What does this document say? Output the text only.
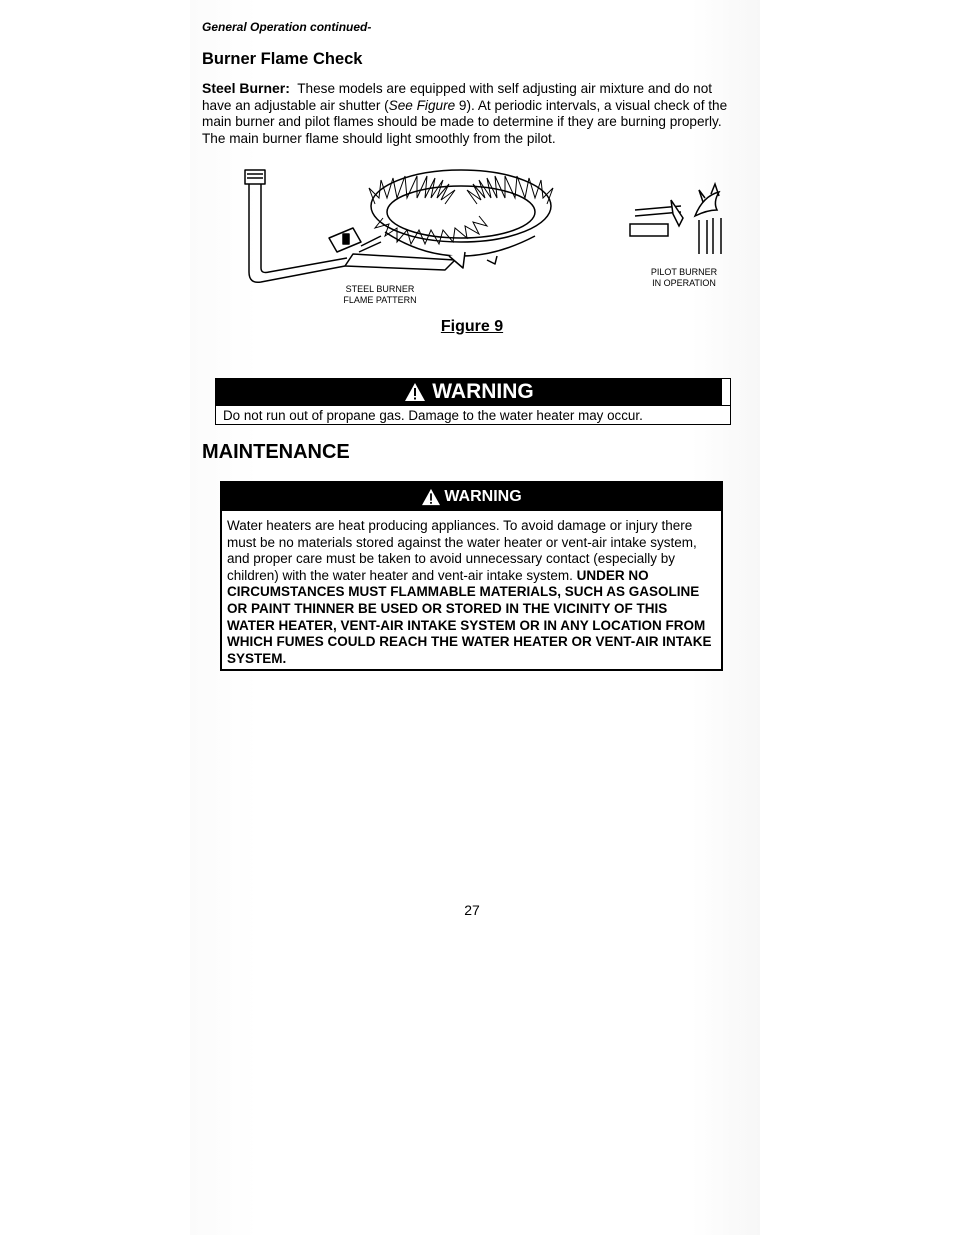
General Operation continued-
Burner Flame Check
Steel Burner: These models are equipped with self adjusting air mixture and do not have an adjustable air shutter (See Figure 9). At periodic intervals, a visual check of the main burner and pilot flames should be made to determine if they are burning properly. The main burner flame should light smoothly from the pilot.
STEEL BURNER
FLAME PATTERN
PILOT BURNER
IN OPERATION
Figure 9
WARNING
Do not run out of propane gas. Damage to the water heater may occur.
MAINTENANCE
WARNING
Water heaters are heat producing appliances. To avoid damage or injury there must be no materials stored against the water heater or vent-air intake system, and proper care must be taken to avoid unnecessary contact (especially by children) with the water heater and vent-air intake system. UNDER NO CIRCUMSTANCES MUST FLAMMABLE MATERIALS, SUCH AS GASOLINE OR PAINT THINNER BE USED OR STORED IN THE VICINITY OF THIS WATER HEATER, VENT-AIR INTAKE SYSTEM OR IN ANY LOCATION FROM WHICH FUMES COULD REACH THE WATER HEATER OR VENT-AIR INTAKE SYSTEM.
27
